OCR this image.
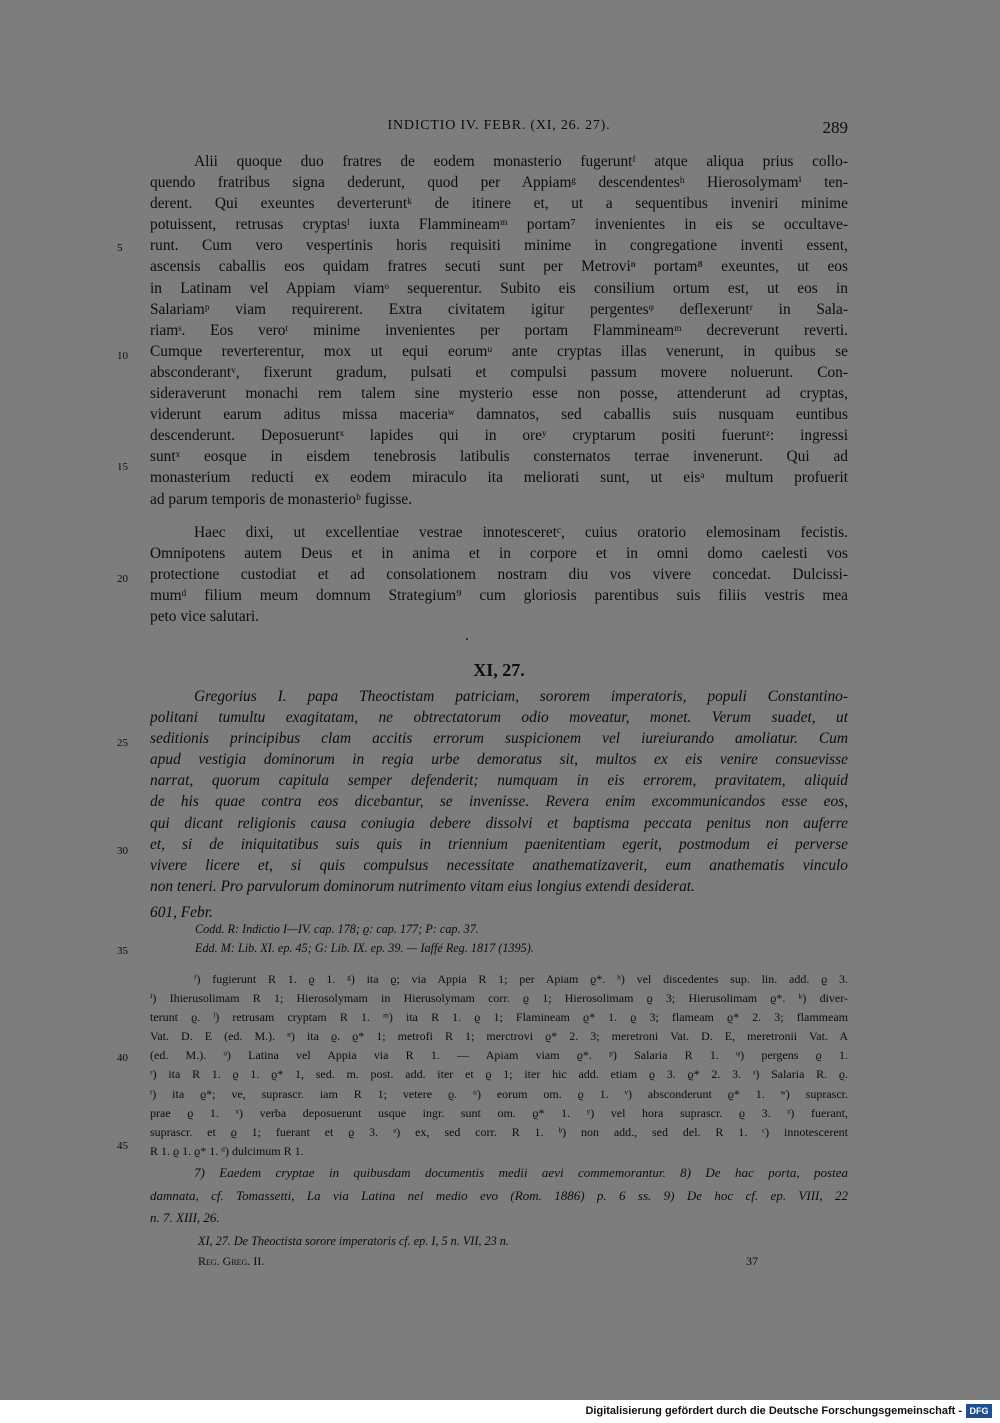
INDICTIO IV. FEBR. (XI, 26. 27).	289
Alii quoque duo fratres de eodem monasterio fugeruntᶠ atque aliqua prius collo-
quendo fratribus signa dederunt, quod per Appiamᵍ descendentesʰ Hierosolymamⁱ ten-
derent. Qui exeuntes deverteruntᵏ de itinere et, ut a sequentibus inveniri minime
potuissent, retrusas cryptasˡ iuxta Flammineamᵐ portam⁷ invenientes in eis se occultave-
runt. Cum vero vespertinis horis requisiti minime in congregatione inventi essent,
ascensis caballis eos quidam fratres secuti sunt per Metroviⁿ portam⁸ exeuntes, ut eos
in Latinam vel Appiam viamᵒ sequerentur. Subito eis consilium ortum est, ut eos in
Salariamᵖ viam requirerent. Extra civitatem igitur pergentesᵠ deflexeruntʳ in Sala-
riamˢ. Eos veroᵗ minime invenientes per portam Flammineamᵐ decreverunt reverti.
Cumque reverterentur, mox ut equi eorumᵘ ante cryptas illas venerunt, in quibus se
absconderantᵛ, fixerunt gradum, pulsati et compulsi passum movere noluerunt. Con-
sideraverunt monachi rem talem sine mysterio esse non posse, attenderunt ad cryptas,
viderunt earum aditus missa maceriaʷ damnatos, sed caballis suis nusquam euntibus
descenderunt. Deposueruntˣ lapides qui in oreʸ cryptarum positi fueruntᶻ: ingressi
suntˣ eosque in eisdem tenebrosis latibulis consternatos terrae invenerunt. Qui ad
monasterium reducti ex eodem miraculo ita meliorati sunt, ut eisᵃ multum profuerit
ad parum temporis de monasterioᵇ fugisse.
Haec dixi, ut excellentiae vestrae innotesceretᶜ, cuius oratorio elemosinam fecistis.
Omnipotens autem Deus et in anima et in corpore et in omni domo caelesti vos
protectione custodiat et ad consolationem nostram diu vos vivere concedat. Dulcissi-
mumᵈ filium meum domnum Strategium⁹ cum gloriosis parentibus suis filiis vestris mea
peto vice salutari.
XI, 27.
Gregorius I. papa Theoctistam patriciam, sororem imperatoris, populi Constantino-
politani tumultu exagitatam, ne obtrectatorum odio moveatur, monet. Verum suadet, ut
seditionis principibus clam accitis errorum suspicionem vel iureiurando amoliatur. Cum
apud vestigia dominorum in regia urbe demoratus sit, multos ex eis venire consuevisse
narrat, quorum capitula semper defenderit; numquam in eis errorem, pravitatem, aliquid
de his quae contra eos dicebantur, se invenisse. Revera enim excommunicandos esse eos,
qui dicant religionis causa coniugia debere dissolvi et baptisma peccata penitus non auferre
et, si de iniquitatibus suis quis in triennium paenitentiam egerit, postmodum ei perverse
vivere licere et, si quis compulsus necessitate anathematizaverit, eum anathematis vinculo
non teneri. Pro parvulorum dominorum nutrimento vitam eius longius extendi desiderat.
601, Febr.
Codd. R: Indictio I—IV. cap. 178; ϱ: cap. 177; P: cap. 37.
Edd. M: Lib. XI. ep. 45; G: Lib. IX. ep. 39. — Iaffé Reg. 1817 (1395).
ᶠ) fugierunt R 1. ϱ 1. ᵍ) ita ϱ; via Appia R 1; per Apiam ϱ*. ʰ) vel discedentes sup. lin. add. ϱ 3.
ⁱ) Ihierusolimam R 1; Hierosolymam in Hierusolymam corr. ϱ 1; Hierosolimam ϱ 3; Hierusolimam ϱ*. ᵏ) diver-
terunt ϱ. ˡ) retrusam cryptam R 1. ᵐ) ita R 1. ϱ 1; Flamineam ϱ* 1. ϱ 3; flameam ϱ* 2. 3; flammeam
Vat. D. E (ed. M.). ⁿ) ita ϱ. ϱ* 1; metrofi R 1; merctrovi ϱ* 2. 3; meretroni Vat. D. E, meretronii Vat. A
(ed. M.). ᵒ) Latina vel Appia via R 1. — Apiam viam ϱ*. ᵖ) Salaria R 1. ᵠ) pergens ϱ 1.
ʳ) ita R 1. ϱ 1. ϱ* 1, sed. m. post. add. iter et ϱ 1; iter hic add. etiam ϱ 3. ϱ* 2. 3. ˢ) Salaria R. ϱ.
ᵗ) ita ϱ*; ve, suprascr. iam R 1; vetere ϱ. ᵘ) eorum om. ϱ 1. ᵛ) absconderunt ϱ* 1. ʷ) suprascr.
prae ϱ 1. ˣ) verba deposuerunt usque ingr. sunt om. ϱ* 1. ʸ) vel hora suprascr. ϱ 3. ᶻ) fuerant,
suprascr. et ϱ 1; fuerant et ϱ 3. ᵃ) ex, sed corr. R 1. ᵇ) non add., sed del. R 1. ᶜ) innotescerent
R 1. ϱ 1. ϱ* 1. ᵈ) dulcimum R 1.
7) Eaedem cryptae in quibusdam documentis medii aevi commemorantur. 8) De hac porta, postea
damnata, cf. Tomassetti, La via Latina nel medio evo (Rom. 1886) p. 6 ss. 9) De hoc cf. ep. VIII, 22
n. 7. XIII, 26.
XI, 27. De Theoctista sorore imperatoris cf. ep. I, 5 n. VII, 23 n.
Reg. Greg. II.	37
5
10
15
20
25
30
35
40
45
Digitalisierung gefördert durch die Deutsche Forschungsgemeinschaft - DFG
